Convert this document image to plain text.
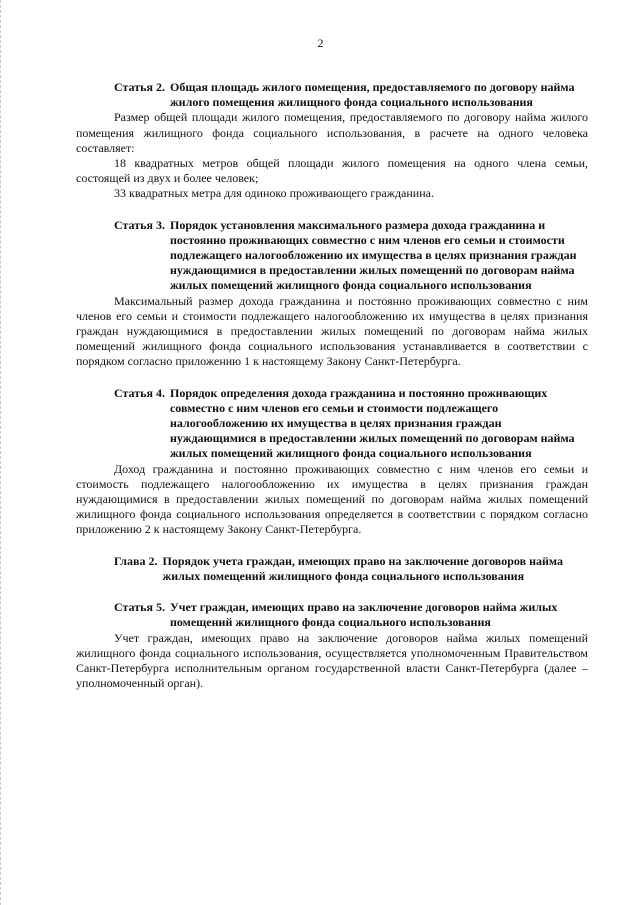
2
Статья 2. Общая площадь жилого помещения, предоставляемого по договору найма жилого помещения жилищного фонда социального использования

Размер общей площади жилого помещения, предоставляемого по договору найма жилого помещения жилищного фонда социального использования, в расчете на одного человека составляет:

18 квадратных метров общей площади жилого помещения на одного члена семьи, состоящей из двух и более человек;

33 квадратных метра для одиноко проживающего гражданина.

Статья 3. Порядок установления максимального размера дохода гражданина и постоянно проживающих совместно с ним членов его семьи и стоимости подлежащего налогообложению их имущества в целях признания граждан нуждающимися в предоставлении жилых помещений по договорам найма жилых помещений жилищного фонда социального использования

Максимальный размер дохода гражданина и постоянно проживающих совместно с ним членов его семьи и стоимости подлежащего налогообложению их имущества в целях признания граждан нуждающимися в предоставлении жилых помещений по договорам найма жилых помещений жилищного фонда социального использования устанавливается в соответствии с порядком согласно приложению 1 к настоящему Закону Санкт-Петербурга.

Статья 4. Порядок определения дохода гражданина и постоянно проживающих совместно с ним членов его семьи и стоимости подлежащего налогообложению их имущества в целях признания граждан нуждающимися в предоставлении жилых помещений по договорам найма жилых помещений жилищного фонда социального использования

Доход гражданина и постоянно проживающих совместно с ним членов его семьи и стоимость подлежащего налогообложению их имущества в целях признания граждан нуждающимися в предоставлении жилых помещений по договорам найма жилых помещений жилищного фонда социального использования определяется в соответствии с порядком согласно приложению 2 к настоящему Закону Санкт-Петербурга.

Глава 2. Порядок учета граждан, имеющих право на заключение договоров найма жилых помещений жилищного фонда социального использования
Статья 5. Учет граждан, имеющих право на заключение договоров найма жилых помещений жилищного фонда социального использования

Учет граждан, имеющих право на заключение договоров найма жилых помещений жилищного фонда социального использования, осуществляется уполномоченным Правительством Санкт-Петербурга исполнительным органом государственной власти Санкт-Петербурга (далее – уполномоченный орган).
